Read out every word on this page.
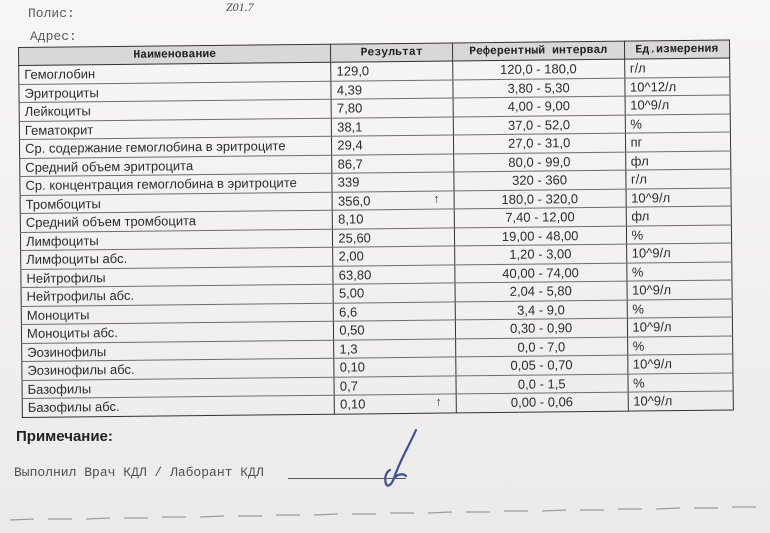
Полис:	Z01.7
Адрес:
Наименование	Результат	Референтный интервал	Ед.измерения
Гемоглобин	129,0	120,0 - 180,0	г/л
Эритроциты	4,39	3,80 - 5,30	10^12/л
Лейкоциты	7,80	4,00 - 9,00	10^9/л
Гематокрит	38,1	37,0 - 52,0	%
Ср. содержание гемоглобина в эритроците	29,4	27,0 - 31,0	пг
Средний объем эритроцита	86,7	80,0 - 99,0	фл
Ср. концентрация гемоглобина в эритроците	339	320 - 360	г/л
Тромбоциты	356,0 ↑	180,0 - 320,0	10^9/л
Средний объем тромбоцита	8,10	7,40 - 12,00	фл
Лимфоциты	25,60	19,00 - 48,00	%
Лимфоциты абс.	2,00	1,20 - 3,00	10^9/л
Нейтрофилы	63,80	40,00 - 74,00	%
Нейтрофилы абс.	5,00	2,04 - 5,80	10^9/л
Моноциты	6,6	3,4 - 9,0	%
Моноциты абс.	0,50	0,30 - 0,90	10^9/л
Эозинофилы	1,3	0,0 - 7,0	%
Эозинофилы абс.	0,10	0,05 - 0,70	10^9/л
Базофилы	0,7	0,0 - 1,5	%
Базофилы абс.	0,10 ↑	0,00 - 0,06	10^9/л
Примечание:
Выполнил Врач КДЛ / Лаборант КДЛ
